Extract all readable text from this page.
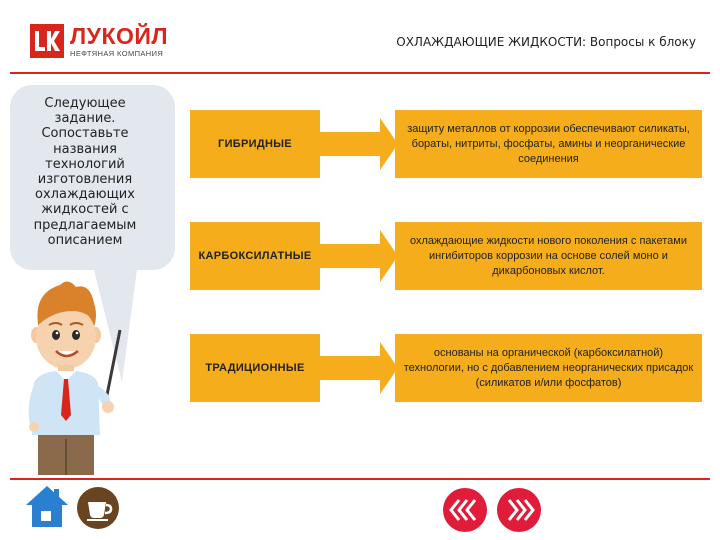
ЛУКОЙЛ
НЕФТЯНАЯ КОМПАНИЯ
ОХЛАЖДАЮЩИЕ ЖИДКОСТИ: Вопросы к блоку
Следующее задание. Сопоставьте названия технологий изготовления охлаждающих жидкостей с предлагаемым описанием
ГИБРИДНЫЕ
защиту металлов от коррозии обеспечивают силикаты, бораты, нитриты, фосфаты, амины и неорганические соединения
КАРБОКСИЛАТНЫЕ
охлаждающие жидкости нового поколения с пакетами ингибиторов коррозии на основе солей моно и дикарбоновых кислот.
ТРАДИЦИОННЫЕ
основаны на органической (карбоксилатной) технологии, но с добавлением неорганических присадок (силикатов и/или фосфатов)
